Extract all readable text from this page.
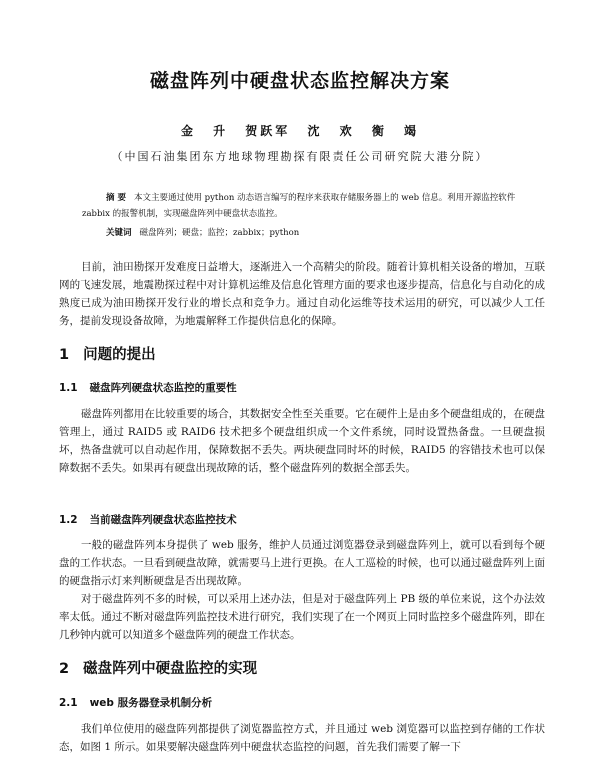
磁盘阵列中硬盘状态监控解决方案
金 升 贺跃军 沈 欢 衡 竭
（中国石油集团东方地球物理勘探有限责任公司研究院大港分院）

摘 要 本文主要通过使用 python 动态语言编写的程序来获取存储服务器上的 web 信息。利用开源监控软件 zabbix 的报警机制，实现磁盘阵列中硬盘状态监控。

关键词 磁盘阵列；硬盘；监控；zabbix；python

目前，油田勘探开发难度日益增大，逐渐进入一个高精尖的阶段。随着计算机相关设备的增加，互联网的飞速发展，地震勘探过程中对计算机运维及信息化管理方面的要求也逐步提高，信息化与自动化的成熟度已成为油田勘探开发行业的增长点和竞争力。通过自动化运维等技术运用的研究，可以减少人工任务，提前发现设备故障，为地震解释工作提供信息化的保障。

1 问题的提出
1.1 磁盘阵列硬盘状态监控的重要性

磁盘阵列都用在比较重要的场合，其数据安全性至关重要。它在硬件上是由多个硬盘组成的，在硬盘管理上，通过 RAID5 或 RAID6 技术把多个硬盘组织成一个文件系统，同时设置热备盘。一旦硬盘损坏，热备盘就可以自动起作用，保障数据不丢失。两块硬盘同时坏的时候，RAID5 的容错技术也可以保障数据不丢失。如果再有硬盘出现故障的话，整个磁盘阵列的数据全部丢失。

1.2 当前磁盘阵列硬盘状态监控技术

一般的磁盘阵列本身提供了 web 服务，维护人员通过浏览器登录到磁盘阵列上，就可以看到每个硬盘的工作状态。一旦看到硬盘故障，就需要马上进行更换。在人工巡检的时候，也可以通过磁盘阵列上面的硬盘指示灯来判断硬盘是否出现故障。

对于磁盘阵列不多的时候，可以采用上述办法，但是对于磁盘阵列上 PB 级的单位来说，这个办法效率太低。通过不断对磁盘阵列监控技术进行研究，我们实现了在一个网页上同时监控多个磁盘阵列，即在几秒钟内就可以知道多个磁盘阵列的硬盘工作状态。

2 磁盘阵列中硬盘监控的实现
2.1 web 服务器登录机制分析

我们单位使用的磁盘阵列都提供了浏览器监控方式，并且通过 web 浏览器可以监控到存储的工作状态，如图 1 所示。如果要解决磁盘阵列中硬盘状态监控的问题，首先我们需要了解一下
